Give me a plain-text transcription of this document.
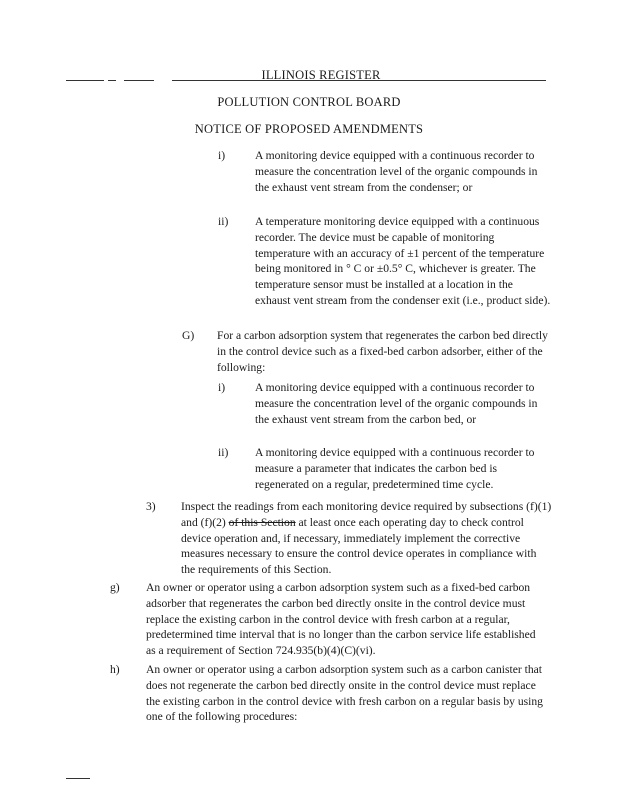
ILLINOIS REGISTER
POLLUTION CONTROL BOARD
NOTICE OF PROPOSED AMENDMENTS
i)	A monitoring device equipped with a continuous recorder to measure the concentration level of the organic compounds in the exhaust vent stream from the condenser; or

ii) A temperature monitoring device equipped with a continuous recorder. The device must be capable of monitoring temperature with an accuracy of ±1 percent of the temperature being monitored in ° C or ±0.5° C, whichever is greater. The temperature sensor must be installed at a location in the exhaust vent stream from the condenser exit (i.e., product side).

G) For a carbon adsorption system that regenerates the carbon bed directly in the control device such as a fixed-bed carbon adsorber, either of the following:

i)	A monitoring device equipped with a continuous recorder to measure the concentration level of the organic compounds in the exhaust vent stream from the carbon bed, or

ii) A monitoring device equipped with a continuous recorder to measure a parameter that indicates the carbon bed is regenerated on a regular, predetermined time cycle.

3) Inspect the readings from each monitoring device required by subsections (f)(1) and (f)(2) of this Section at least once each operating day to check control device operation and, if necessary, immediately implement the corrective measures necessary to ensure the control device operates in compliance with the requirements of this Section.

g) An owner or operator using a carbon adsorption system such as a fixed-bed carbon adsorber that regenerates the carbon bed directly onsite in the control device must replace the existing carbon in the control device with fresh carbon at a regular, predetermined time interval that is no longer than the carbon service life established as a requirement of Section 724.935(b)(4)(C)(vi).

h) An owner or operator using a carbon adsorption system such as a carbon canister that does not regenerate the carbon bed directly onsite in the control device must replace the existing carbon in the control device with fresh carbon on a regular basis by using one of the following procedures:
